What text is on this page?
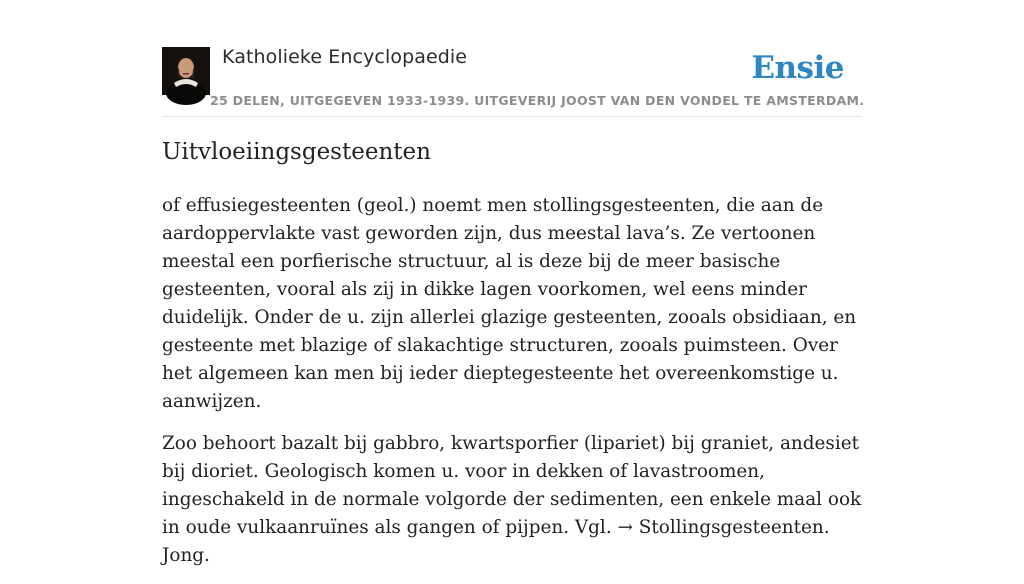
Katholieke Encyclopaedie
25 DELEN, UITGEGEVEN 1933-1939. UITGEVERIJ JOOST VAN DEN VONDEL TE AMSTERDAM.
Ensie
Uitvloeiingsgesteenten

of effusiegesteenten (geol.) noemt men stollingsgesteenten, die aan de aardoppervlakte vast geworden zijn, dus meestal lava’s. Ze vertoonen meestal een porfierische structuur, al is deze bij de meer basische gesteenten, vooral als zij in dikke lagen voorkomen, wel eens minder duidelijk. Onder de u. zijn allerlei glazige gesteenten, zooals obsidiaan, en gesteente met blazige of slakachtige structuren, zooals puimsteen. Over het algemeen kan men bij ieder dieptegesteente het overeenkomstige u. aanwijzen.

Zoo behoort bazalt bij gabbro, kwartsporfier (lipariet) bij graniet, andesiet bij dioriet. Geologisch komen u. voor in dekken of lavastroomen, ingeschakeld in de normale volgorde der sedimenten, een enkele maal ook in oude vulkaanruïnes als gangen of pijpen. Vgl. → Stollingsgesteenten. Jong.
